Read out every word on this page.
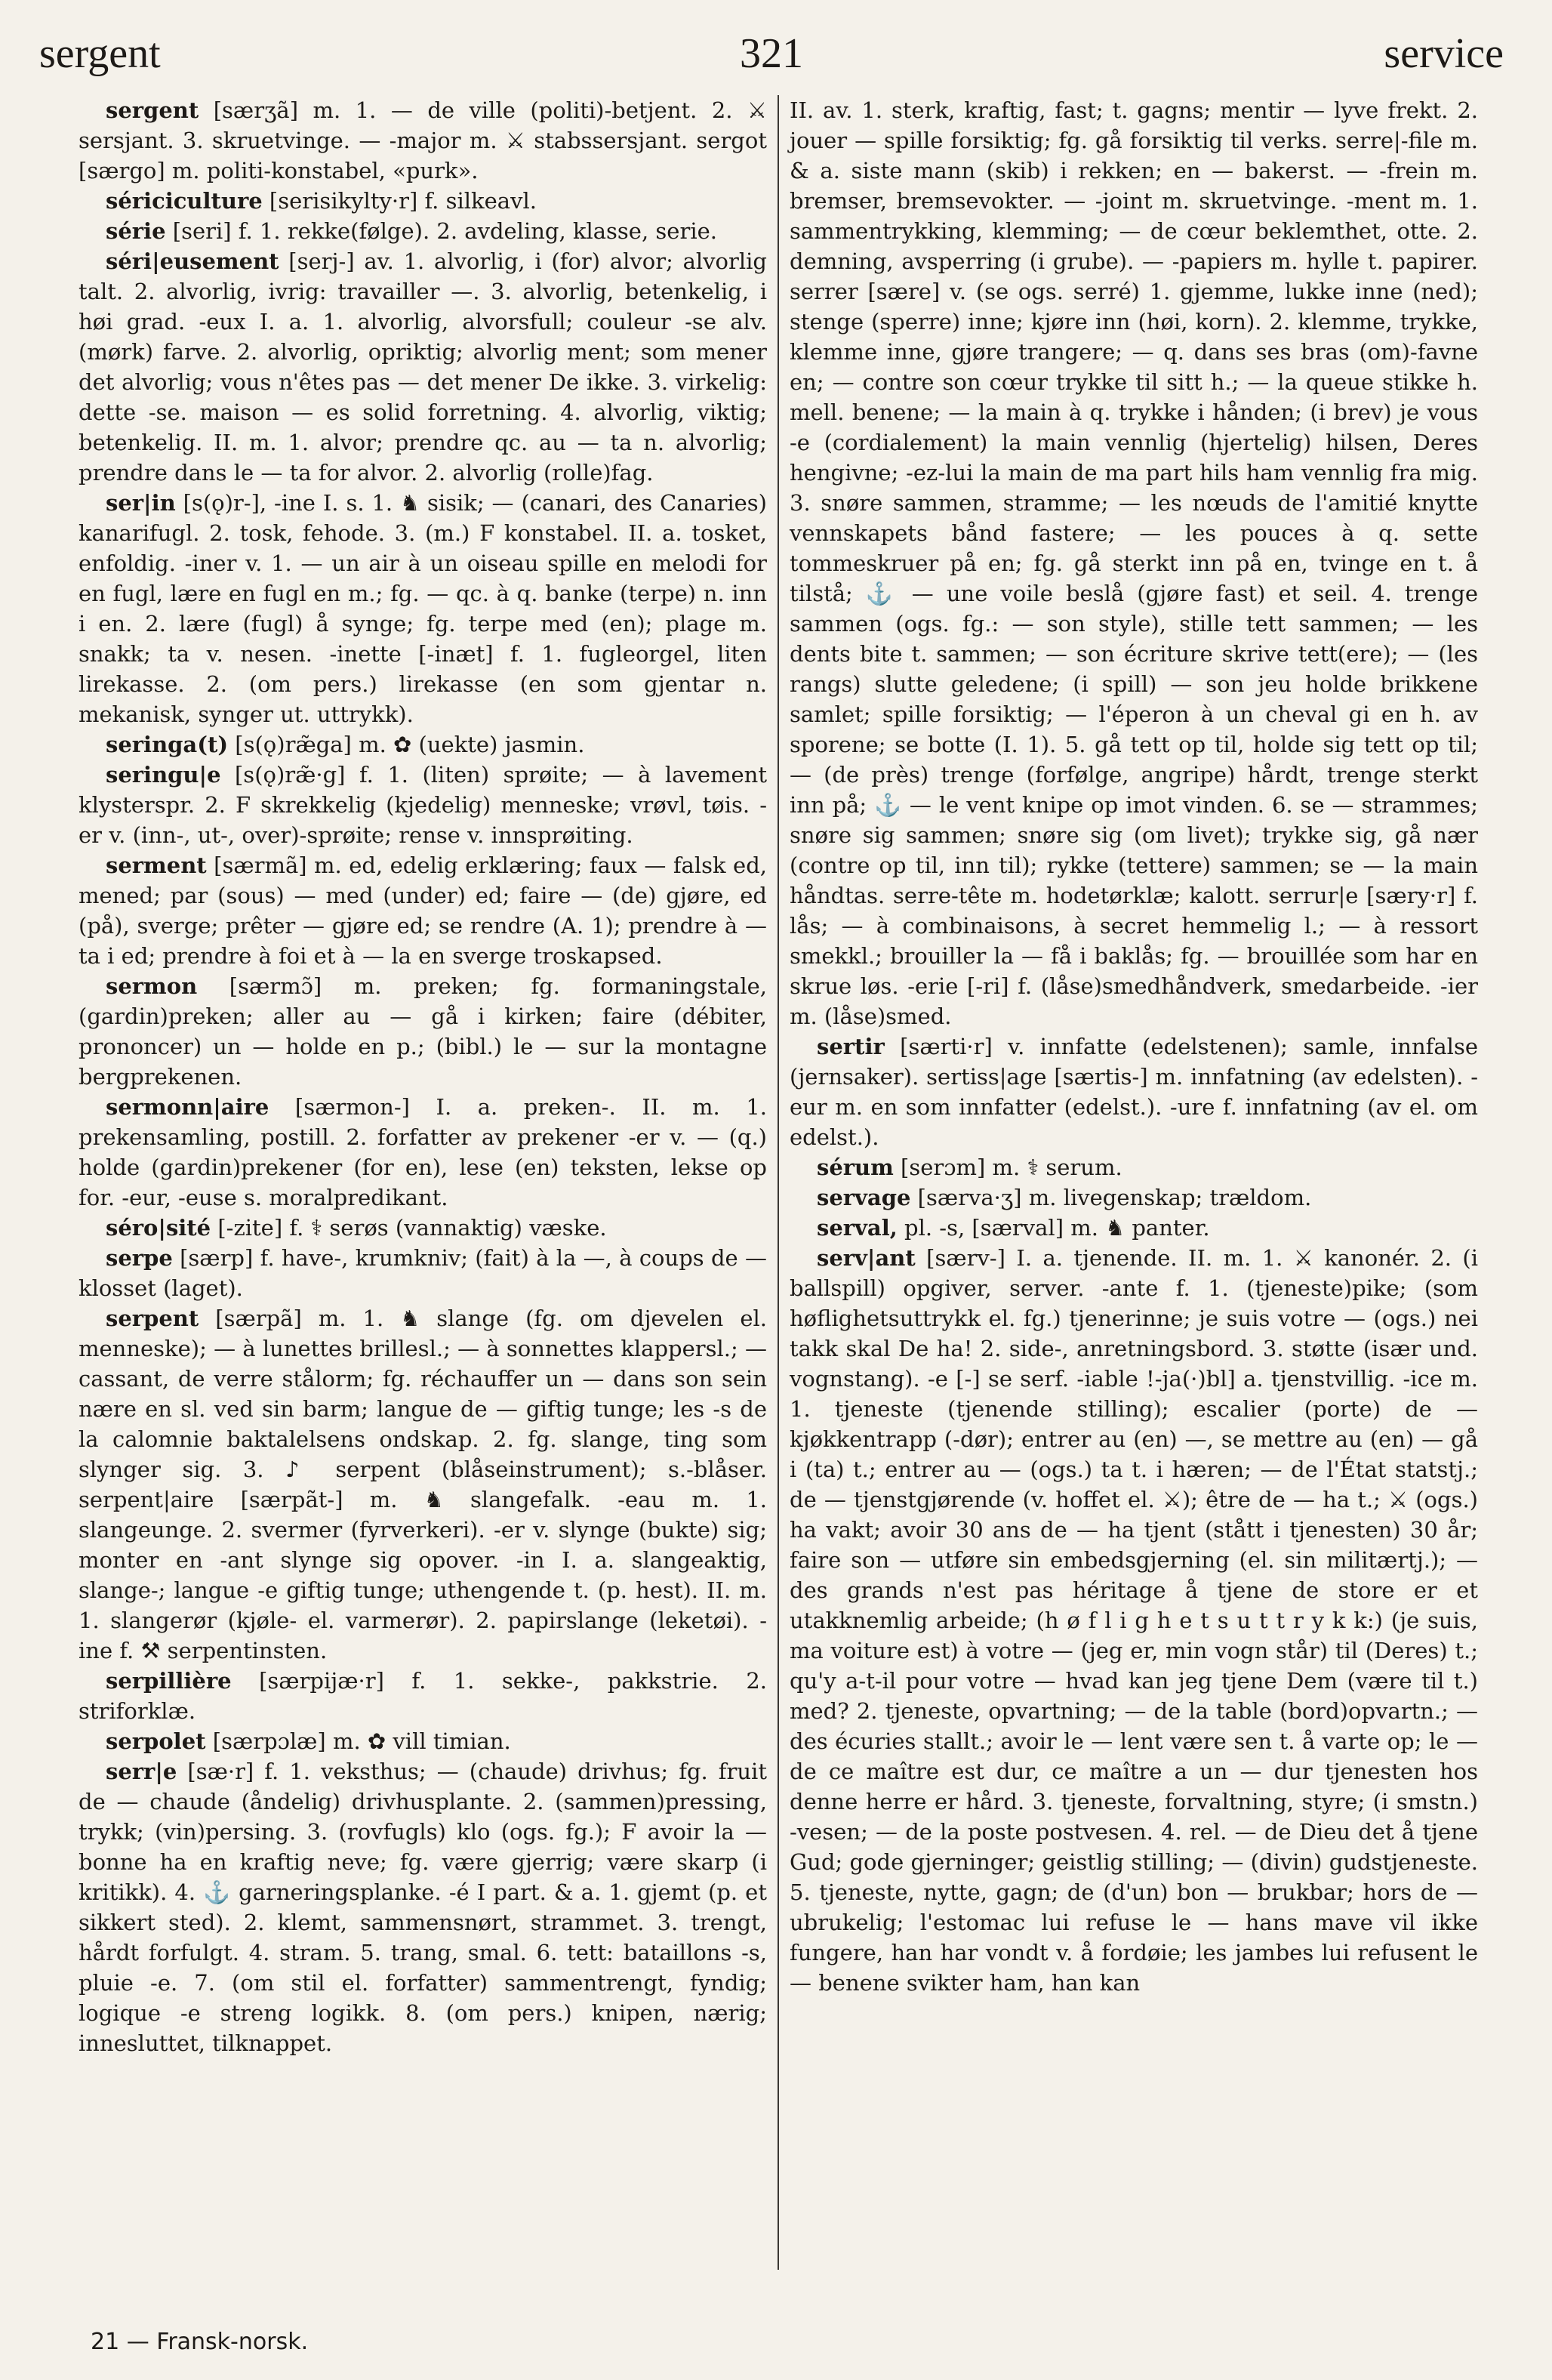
sergent	321	service

sergent [særʒã] m. 1. — de ville (politi)-betjent. 2. ⚔ sersjant. 3. skruetvinge. — -major m. ⚔ stabssersjant. sergot [særgo] m. politi-konstabel, «purk».

sériciculture [serisikylty·r] f. silkeavl.

série [seri] f. 1. rekke(følge). 2. avdeling, klasse, serie.

séri|eusement [serj-] av. 1. alvorlig, i (for) alvor; alvorlig talt. 2. alvorlig, ivrig: travailler —. 3. alvorlig, betenkelig, i høi grad. -eux I. a. 1. alvorlig, alvorsfull; couleur -se alv. (mørk) farve. 2. alvorlig, opriktig; alvorlig ment; som mener det alvorlig; vous n'êtes pas — det mener De ikke. 3. virkelig: dette -se. maison — es solid forretning. 4. alvorlig, viktig; betenkelig. II. m. 1. alvor; prendre qc. au — ta n. alvorlig; prendre dans le — ta for alvor. 2. alvorlig (rolle)fag.

ser|in [s(ǫ)r-], -ine I. s. 1. ♞ sisik; — (canari, des Canaries) kanarifugl. 2. tosk, fehode. 3. (m.) F konstabel. II. a. tosket, enfoldig. -iner v. 1. — un air à un oiseau spille en melodi for en fugl, lære en fugl en m.; fg. — qc. à q. banke (terpe) n. inn i en. 2. lære (fugl) å synge; fg. terpe med (en); plage m. snakk; ta v. nesen. -inette [-inæt] f. 1. fugleorgel, liten lirekasse. 2. (om pers.) lirekasse (en som gjentar n. mekanisk, synger ut. uttrykk).

seringa(t) [s(ǫ)ræ̃ga] m. ✿ (uekte) jasmin.

seringu|e [s(ǫ)ræ̃·g] f. 1. (liten) sprøite; — à lavement klysterspr. 2. F skrekkelig (kjedelig) menneske; vrøvl, tøis. -er v. (inn-, ut-, over)-sprøite; rense v. innsprøiting.

serment [særmã] m. ed, edelig erklæring; faux — falsk ed, mened; par (sous) — med (under) ed; faire — (de) gjøre, ed (på), sverge; prêter — gjøre ed; se rendre (A. 1); prendre à — ta i ed; prendre à foi et à — la en sverge troskapsed.

sermon [særmɔ̃] m. preken; fg. formaningstale, (gardin)preken; aller au — gå i kirken; faire (débiter, prononcer) un — holde en p.; (bibl.) le — sur la montagne bergprekenen.

sermonn|aire [særmon-] I. a. preken-. II. m. 1. prekensamling, postill. 2. forfatter av prekener -er v. — (q.) holde (gardin)prekener (for en), lese (en) teksten, lekse op for. -eur, -euse s. moralpredikant.

séro|sité [-zite] f. ⚕ serøs (vannaktig) væske.

serpe [særp] f. have-, krumkniv; (fait) à la —, à coups de — klosset (laget).

serpent [særpã] m. 1. ♞ slange (fg. om djevelen el. menneske); — à lunettes brillesl.; — à sonnettes klappersl.; — cassant, de verre stålorm; fg. réchauffer un — dans son sein nære en sl. ved sin barm; langue de — giftig tunge; les -s de la calomnie baktalelsens ondskap. 2. fg. slange, ting som slynger sig. 3. ♪ serpent (blåseinstrument); s.-blåser. serpent|aire [særpãt-] m. ♞ slangefalk. -eau m. 1. slangeunge. 2. svermer (fyrverkeri). -er v. slynge (bukte) sig; monter en -ant slynge sig opover. -in I. a. slangeaktig, slange-; langue -e giftig tunge; uthengende t. (p. hest). II. m. 1. slangerør (kjøle- el. varmerør). 2. papirslange (leketøi). -ine f. ⚒ serpentinsten.

serpillière [særpijæ·r] f. 1. sekke-, pakkstrie. 2. striforklæ.

serpolet [særpɔlæ] m. ✿ vill timian.

serr|e [sæ·r] f. 1. veksthus; — (chaude) drivhus; fg. fruit de — chaude (åndelig) drivhusplante. 2. (sammen)pressing, trykk; (vin)persing. 3. (rovfugls) klo (ogs. fg.); F avoir la — bonne ha en kraftig neve; fg. være gjerrig; være skarp (i kritikk). 4. ⚓ garneringsplanke. -é I part. & a. 1. gjemt (p. et sikkert sted). 2. klemt, sammensnørt, strammet. 3. trengt, hårdt forfulgt. 4. stram. 5. trang, smal. 6. tett: bataillons -s, pluie -e. 7. (om stil el. forfatter) sammentrengt, fyndig; logique -e streng logikk. 8. (om pers.) knipen, nærig; innesluttet, tilknappet.

II. av. 1. sterk, kraftig, fast; t. gagns; mentir — lyve frekt. 2. jouer — spille forsiktig; fg. gå forsiktig til verks. serre|-file m. & a. siste mann (skib) i rekken; en — bakerst. — -frein m. bremser, bremsevokter. — -joint m. skruetvinge. -ment m. 1. sammentrykking, klemming; — de cœur beklemthet, otte. 2. demning, avsperring (i grube). — -papiers m. hylle t. papirer. serrer [sære] v. (se ogs. serré) 1. gjemme, lukke inne (ned); stenge (sperre) inne; kjøre inn (høi, korn). 2. klemme, trykke, klemme inne, gjøre trangere; — q. dans ses bras (om)-favne en; — contre son cœur trykke til sitt h.; — la queue stikke h. mell. benene; — la main à q. trykke i hånden; (i brev) je vous -e (cordialement) la main vennlig (hjertelig) hilsen, Deres hengivne; -ez-lui la main de ma part hils ham vennlig fra mig. 3. snøre sammen, stramme; — les nœuds de l'amitié knytte vennskapets bånd fastere; — les pouces à q. sette tommeskruer på en; fg. gå sterkt inn på en, tvinge en t. å tilstå; ⚓ — une voile beslå (gjøre fast) et seil. 4. trenge sammen (ogs. fg.: — son style), stille tett sammen; — les dents bite t. sammen; — son écriture skrive tett(ere); — (les rangs) slutte geledene; (i spill) — son jeu holde brikkene samlet; spille forsiktig; — l'éperon à un cheval gi en h. av sporene; se botte (I. 1). 5. gå tett op til, holde sig tett op til; — (de près) trenge (forfølge, angripe) hårdt, trenge sterkt inn på; ⚓ — le vent knipe op imot vinden. 6. se — strammes; snøre sig sammen; snøre sig (om livet); trykke sig, gå nær (contre op til, inn til); rykke (tettere) sammen; se — la main håndtas. serre-tête m. hodetørklæ; kalott. serrur|e [særy·r] f. lås; — à combinaisons, à secret hemmelig l.; — à ressort smekkl.; brouiller la — få i baklås; fg. — brouillée som har en skrue løs. -erie [-ri] f. (låse)smedhåndverk, smedarbeide. -ier m. (låse)smed.

sertir [særti·r] v. innfatte (edelstenen); samle, innfalse (jernsaker). sertiss|age [særtis-] m. innfatning (av edelsten). -eur m. en som innfatter (edelst.). -ure f. innfatning (av el. om edelst.).

sérum [serɔm] m. ⚕ serum.

servage [særva·ʒ] m. livegenskap; trældom.

serval, pl. -s, [særval] m. ♞ panter.

serv|ant [særv-] I. a. tjenende. II. m. 1. ⚔ kanonér. 2. (i ballspill) opgiver, server. -ante f. 1. (tjeneste)pike; (som høflighetsuttrykk el. fg.) tjenerinne; je suis votre — (ogs.) nei takk skal De ha! 2. side-, anretningsbord. 3. støtte (især und. vognstang). -e [-] se serf. -iable !-ja(·)bl] a. tjenstvillig. -ice m. 1. tjeneste (tjenende stilling); escalier (porte) de — kjøkkentrapp (-dør); entrer au (en) —, se mettre au (en) — gå i (ta) t.; entrer au — (ogs.) ta t. i hæren; — de l'État statstj.; de — tjenstgjørende (v. hoffet el. ⚔); être de — ha t.; ⚔ (ogs.) ha vakt; avoir 30 ans de — ha tjent (stått i tjenesten) 30 år; faire son — utføre sin embedsgjerning (el. sin militærtj.); — des grands n'est pas héritage å tjene de store er et utakknemlig arbeide; (h ø f l i g h e t s u t t r y k k:) (je suis, ma voiture est) à votre — (jeg er, min vogn står) til (Deres) t.; qu'y a-t-il pour votre — hvad kan jeg tjene Dem (være til t.) med? 2. tjeneste, opvartning; — de la table (bord)opvartn.; — des écuries stallt.; avoir le — lent være sen t. å varte op; le — de ce maître est dur, ce maître a un — dur tjenesten hos denne herre er hård. 3. tjeneste, forvaltning, styre; (i smstn.) -vesen; — de la poste postvesen. 4. rel. — de Dieu det å tjene Gud; gode gjerninger; geistlig stilling; — (divin) gudstjeneste. 5. tjeneste, nytte, gagn; de (d'un) bon — brukbar; hors de — ubrukelig; l'estomac lui refuse le — hans mave vil ikke fungere, han har vondt v. å fordøie; les jambes lui refusent le — benene svikter ham, han kan

21 — Fransk-norsk.
